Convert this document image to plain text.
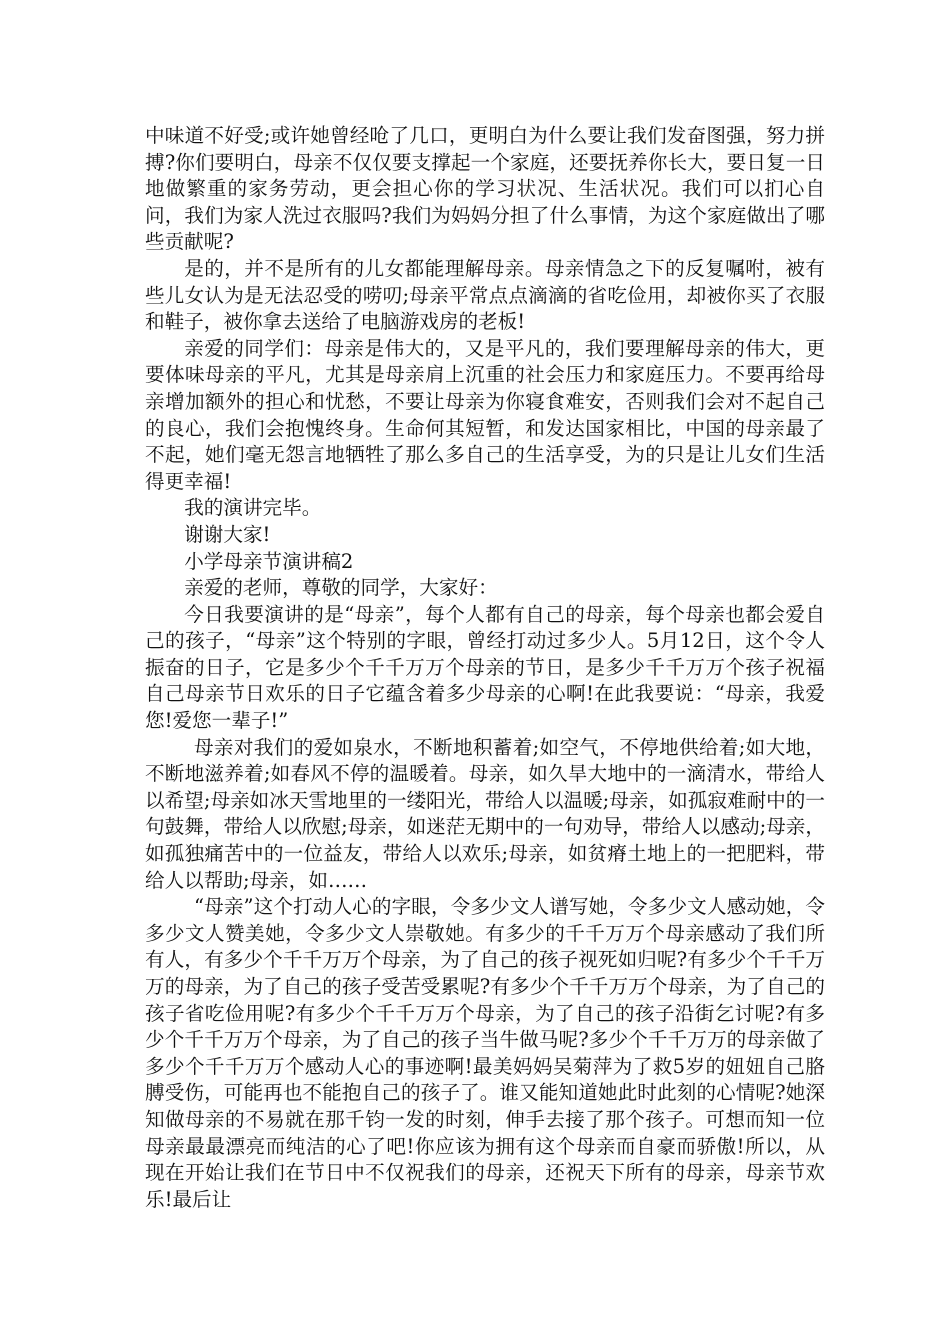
中味道不好受;或许她曾经呛了几口，更明白为什么要让我们发奋图强，努力拼搏?你们要明白，母亲不仅仅要支撑起一个家庭，还要抚养你长大，要日复一日地做繁重的家务劳动，更会担心你的学习状况、生活状况。我们可以扪心自问，我们为家人洗过衣服吗?我们为妈妈分担了什么事情，为这个家庭做出了哪些贡献呢?

是的，并不是所有的儿女都能理解母亲。母亲情急之下的反复嘱咐，被有些儿女认为是无法忍受的唠叨;母亲平常点点滴滴的省吃俭用，却被你买了衣服和鞋子，被你拿去送给了电脑游戏房的老板!

亲爱的同学们：母亲是伟大的，又是平凡的，我们要理解母亲的伟大，更要体味母亲的平凡，尤其是母亲肩上沉重的社会压力和家庭压力。不要再给母亲增加额外的担心和忧愁，不要让母亲为你寝食难安，否则我们会对不起自己的良心，我们会抱愧终身。生命何其短暂，和发达国家相比，中国的母亲最了不起，她们毫无怨言地牺牲了那么多自己的生活享受，为的只是让儿女们生活得更幸福!

我的演讲完毕。

谢谢大家!

小学母亲节演讲稿2

亲爱的老师，尊敬的同学，大家好：

今日我要演讲的是“母亲”，每个人都有自己的母亲，每个母亲也都会爱自己的孩子，“母亲”这个特别的字眼，曾经打动过多少人。5月12日，这个令人振奋的日子，它是多少个千千万万个母亲的节日，是多少千千万万个孩子祝福自己母亲节日欢乐的日子它蕴含着多少母亲的心啊!在此我要说：“母亲，我爱您!爱您一辈子!”

母亲对我们的爱如泉水，不断地积蓄着;如空气，不停地供给着;如大地，不断地滋养着;如春风不停的温暖着。母亲，如久旱大地中的一滴清水，带给人以希望;母亲如冰天雪地里的一缕阳光，带给人以温暖;母亲，如孤寂难耐中的一句鼓舞，带给人以欣慰;母亲，如迷茫无期中的一句劝导，带给人以感动;母亲，如孤独痛苦中的一位益友，带给人以欢乐;母亲，如贫瘠土地上的一把肥料，带给人以帮助;母亲，如……

“母亲”这个打动人心的字眼，令多少文人谱写她，令多少文人感动她，令多少文人赞美她，令多少文人崇敬她。有多少的千千万万个母亲感动了我们所有人，有多少个千千万万个母亲，为了自己的孩子视死如归呢?有多少个千千万万的母亲，为了自己的孩子受苦受累呢?有多少个千千万万个母亲，为了自己的孩子省吃俭用呢?有多少个千千万万个母亲，为了自己的孩子沿街乞讨呢?有多少个千千万万个母亲，为了自己的孩子当牛做马呢?多少个千千万万的母亲做了多少个千千万万个感动人心的事迹啊!最美妈妈吴菊萍为了救5岁的妞妞自己胳膊受伤，可能再也不能抱自己的孩子了。谁又能知道她此时此刻的心情呢?她深知做母亲的不易就在那千钧一发的时刻，伸手去接了那个孩子。可想而知一位母亲最最漂亮而纯洁的心了吧!你应该为拥有这个母亲而自豪而骄傲!所以，从现在开始让我们在节日中不仅祝我们的母亲，还祝天下所有的母亲，母亲节欢乐!最后让
